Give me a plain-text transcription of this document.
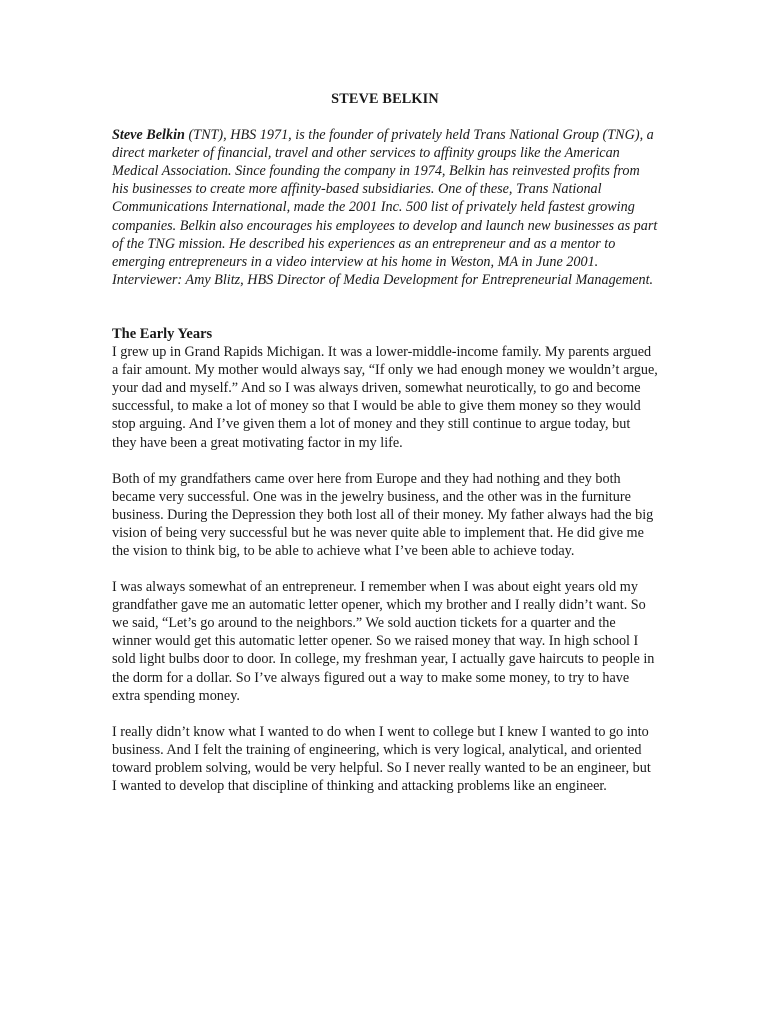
STEVE BELKIN

Steve Belkin (TNT), HBS 1971, is the founder of privately held Trans National Group (TNG), a direct marketer of financial, travel and other services to affinity groups like the American Medical Association. Since founding the company in 1974, Belkin has reinvested profits from his businesses to create more affinity-based subsidiaries. One of these, Trans National Communications International, made the 2001 Inc. 500 list of privately held fastest growing companies. Belkin also encourages his employees to develop and launch new businesses as part of the TNG mission. He described his experiences as an entrepreneur and as a mentor to emerging entrepreneurs in a video interview at his home in Weston, MA in June 2001. Interviewer: Amy Blitz, HBS Director of Media Development for Entrepreneurial Management.

The Early Years

I grew up in Grand Rapids Michigan. It was a lower-middle-income family. My parents argued a fair amount. My mother would always say, “If only we had enough money we wouldn’t argue, your dad and myself.” And so I was always driven, somewhat neurotically, to go and become successful, to make a lot of money so that I would be able to give them money so they would stop arguing. And I’ve given them a lot of money and they still continue to argue today, but they have been a great motivating factor in my life.

Both of my grandfathers came over here from Europe and they had nothing and they both became very successful. One was in the jewelry business, and the other was in the furniture business. During the Depression they both lost all of their money. My father always had the big vision of being very successful but he was never quite able to implement that. He did give me the vision to think big, to be able to achieve what I’ve been able to achieve today.

I was always somewhat of an entrepreneur. I remember when I was about eight years old my grandfather gave me an automatic letter opener, which my brother and I really didn’t want. So we said, “Let’s go around to the neighbors.” We sold auction tickets for a quarter and the winner would get this automatic letter opener. So we raised money that way. In high school I sold light bulbs door to door. In college, my freshman year, I actually gave haircuts to people in the dorm for a dollar. So I’ve always figured out a way to make some money, to try to have extra spending money.

I really didn’t know what I wanted to do when I went to college but I knew I wanted to go into business. And I felt the training of engineering, which is very logical, analytical, and oriented toward problem solving, would be very helpful. So I never really wanted to be an engineer, but I wanted to develop that discipline of thinking and attacking problems like an engineer.
